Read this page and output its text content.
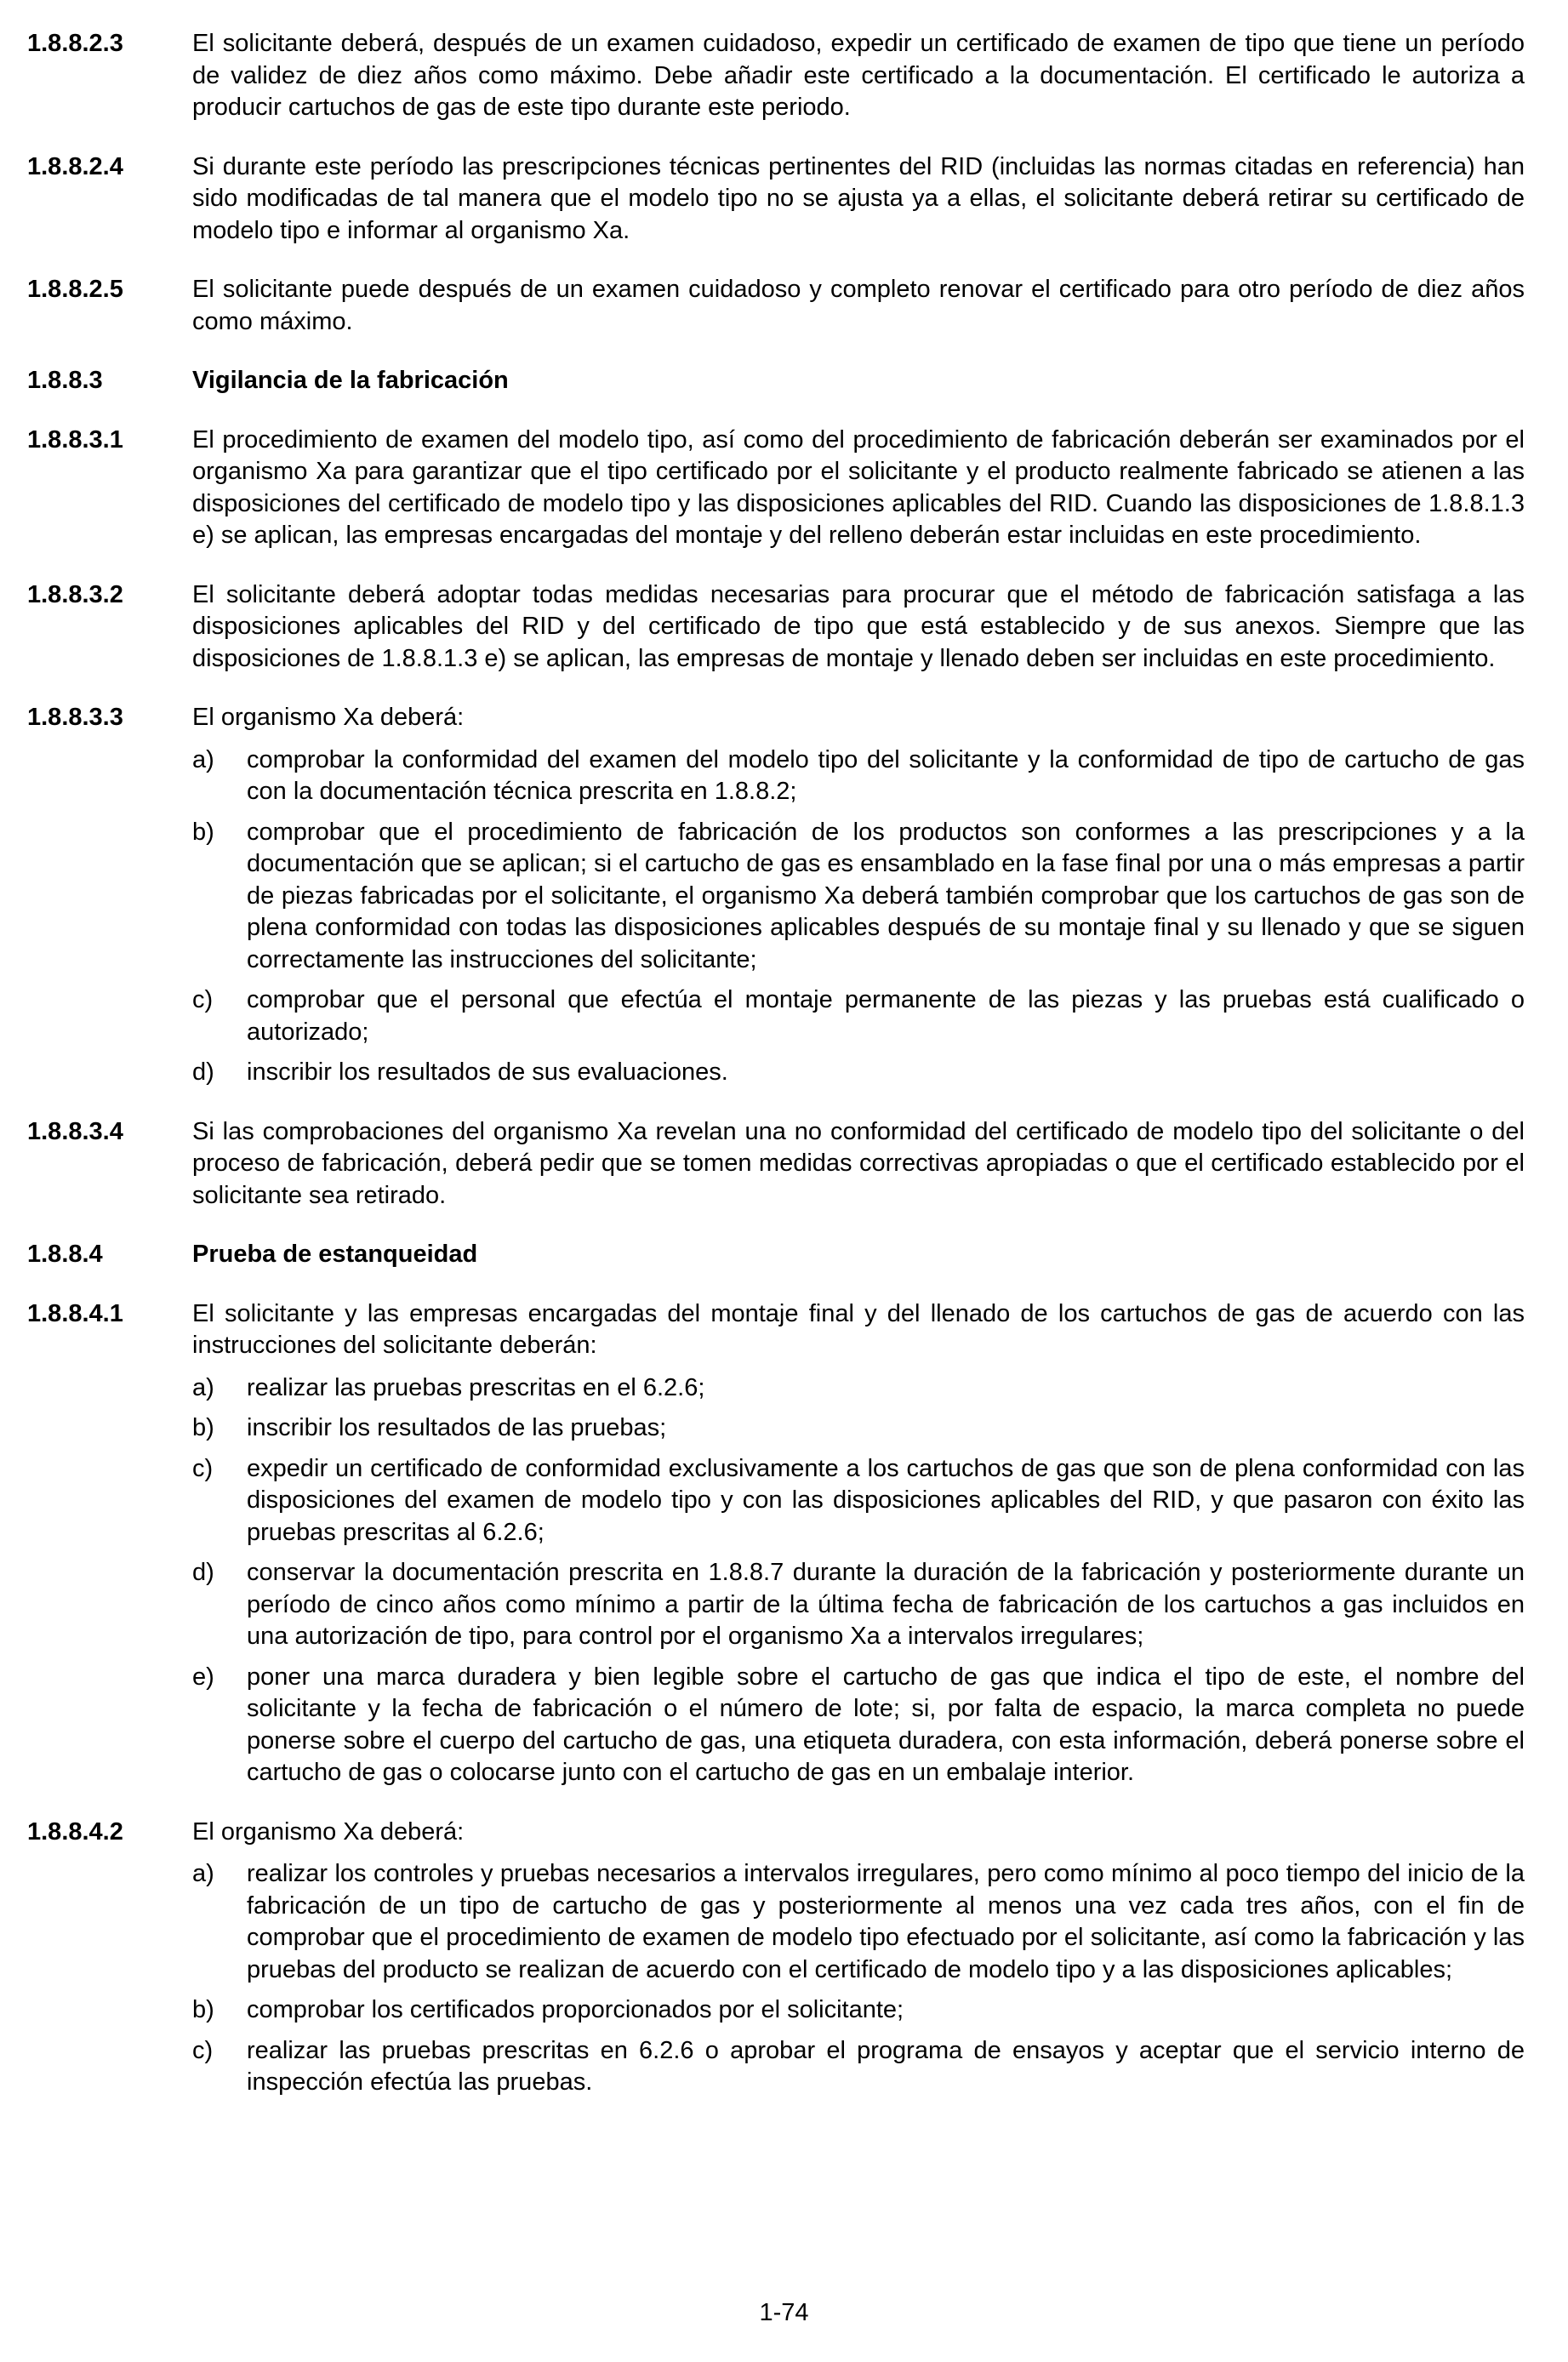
1.8.8.2.3	El solicitante deberá, después de un examen cuidadoso, expedir un certificado de examen de tipo que tiene un período de validez de diez años como máximo. Debe añadir este certificado a la documentación. El certificado le autoriza a producir cartuchos de gas de este tipo durante este periodo.

1.8.8.2.4	Si durante este período las prescripciones técnicas pertinentes del RID (incluidas las normas citadas en referencia) han sido modificadas de tal manera que el modelo tipo no se ajusta ya a ellas, el solicitante deberá retirar su certificado de modelo tipo e informar al organismo Xa.

1.8.8.2.5	El solicitante puede después de un examen cuidadoso y completo renovar el certificado para otro período de diez años como máximo.

1.8.8.3	Vigilancia de la fabricación

1.8.8.3.1	El procedimiento de examen del modelo tipo, así como del procedimiento de fabricación deberán ser examinados por el organismo Xa para garantizar que el tipo certificado por el solicitante y el producto realmente fabricado se atienen a las disposiciones del certificado de modelo tipo y las disposiciones aplicables del RID. Cuando las disposiciones de 1.8.8.1.3 e) se aplican, las empresas encargadas del montaje y del relleno deberán estar incluidas en este procedimiento.

1.8.8.3.2	El solicitante deberá adoptar todas medidas necesarias para procurar que el método de fabricación satisfaga a las disposiciones aplicables del RID y del certificado de tipo que está establecido y de sus anexos. Siempre que las disposiciones de 1.8.8.1.3 e) se aplican, las empresas de montaje y llenado deben ser incluidas en este procedimiento.

1.8.8.3.3	El organismo Xa deberá:

a)	comprobar la conformidad del examen del modelo tipo del solicitante y la conformidad de tipo de cartucho de gas con la documentación técnica prescrita en 1.8.8.2;
b)	comprobar que el procedimiento de fabricación de los productos son conformes a las prescripciones y a la documentación que se aplican; si el cartucho de gas es ensamblado en la fase final por una o más empresas a partir de piezas fabricadas por el solicitante, el organismo Xa deberá también comprobar que los cartuchos de gas son de plena conformidad con todas las disposiciones aplicables después de su montaje final y su llenado y que se siguen correctamente las instrucciones del solicitante;
c)	comprobar que el personal que efectúa el montaje permanente de las piezas y las pruebas está cualificado o autorizado;
d)	inscribir los resultados de sus evaluaciones.
1.8.8.3.4	Si las comprobaciones del organismo Xa revelan una no conformidad del certificado de modelo tipo del solicitante o del proceso de fabricación, deberá pedir que se tomen medidas correctivas apropiadas o que el certificado establecido por el solicitante sea retirado.

1.8.8.4	Prueba de estanqueidad

1.8.8.4.1	El solicitante y las empresas encargadas del montaje final y del llenado de los cartuchos de gas de acuerdo con las instrucciones del solicitante deberán:

a)	realizar las pruebas prescritas en el 6.2.6;
b)	inscribir los resultados de las pruebas;
c)	expedir un certificado de conformidad exclusivamente a los cartuchos de gas que son de plena conformidad con las disposiciones del examen de modelo tipo y con las disposiciones aplicables del RID, y que pasaron con éxito las pruebas prescritas al 6.2.6;
d)	conservar la documentación prescrita en 1.8.8.7 durante la duración de la fabricación y posteriormente durante un período de cinco años como mínimo a partir de la última fecha de fabricación de los cartuchos a gas incluidos en una autorización de tipo, para control por el organismo Xa a intervalos irregulares;
e)	poner una marca duradera y bien legible sobre el cartucho de gas que indica el tipo de este, el nombre del solicitante y la fecha de fabricación o el número de lote; si, por falta de espacio, la marca completa no puede ponerse sobre el cuerpo del cartucho de gas, una etiqueta duradera, con esta información, deberá ponerse sobre el cartucho de gas o colocarse junto con el cartucho de gas en un embalaje interior.
1.8.8.4.2	El organismo Xa deberá:

a)	realizar los controles y pruebas necesarios a intervalos irregulares, pero como mínimo al poco tiempo del inicio de la fabricación de un tipo de cartucho de gas y posteriormente al menos una vez cada tres años, con el fin de comprobar que el procedimiento de examen de modelo tipo efectuado por el solicitante, así como la fabricación y las pruebas del producto se realizan de acuerdo con el certificado de modelo tipo y a las disposiciones aplicables;
b)	comprobar los certificados proporcionados por el solicitante;
c)	realizar las pruebas prescritas en 6.2.6 o aprobar el programa de ensayos y aceptar que el servicio interno de inspección efectúa las pruebas.
1-74
